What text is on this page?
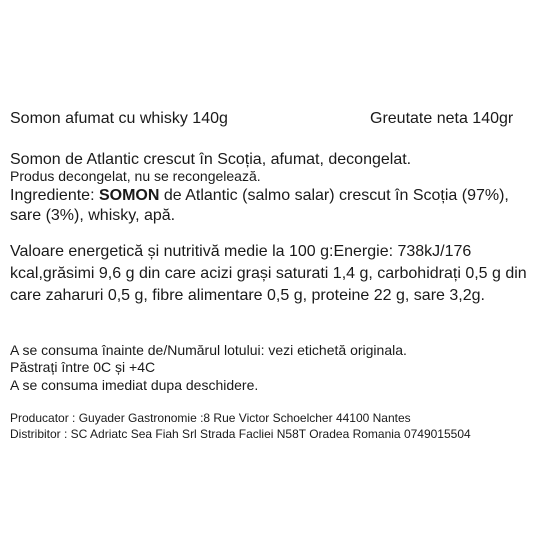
Somon afumat cu whisky 140g	Greutate neta 140gr

Somon de Atlantic crescut în Scoția, afumat, decongelat.

Produs decongelat, nu se recongelează.

Ingrediente: SOMON de Atlantic (salmo salar) crescut în Scoția (97%), sare (3%), whisky, apă.

Valoare energetică și nutritivă medie la 100 g:Energie: 738kJ/176 kcal,grăsimi 9,6 g din care acizi grași saturati 1,4 g, carbohidrați 0,5 g din care zaharuri 0,5 g, fibre alimentare 0,5 g, proteine 22 g, sare 3,2g.

A se consuma înainte de/Numărul lotului: vezi etichetă originala.

Păstrați între 0C și +4C

A se consuma imediat dupa deschidere.

Producator : Guyader Gastronomie :8 Rue Victor Schoelcher 44100 Nantes

Distribitor : SC Adriatc Sea Fiah Srl Strada Facliei N58T Oradea Romania 0749015504
